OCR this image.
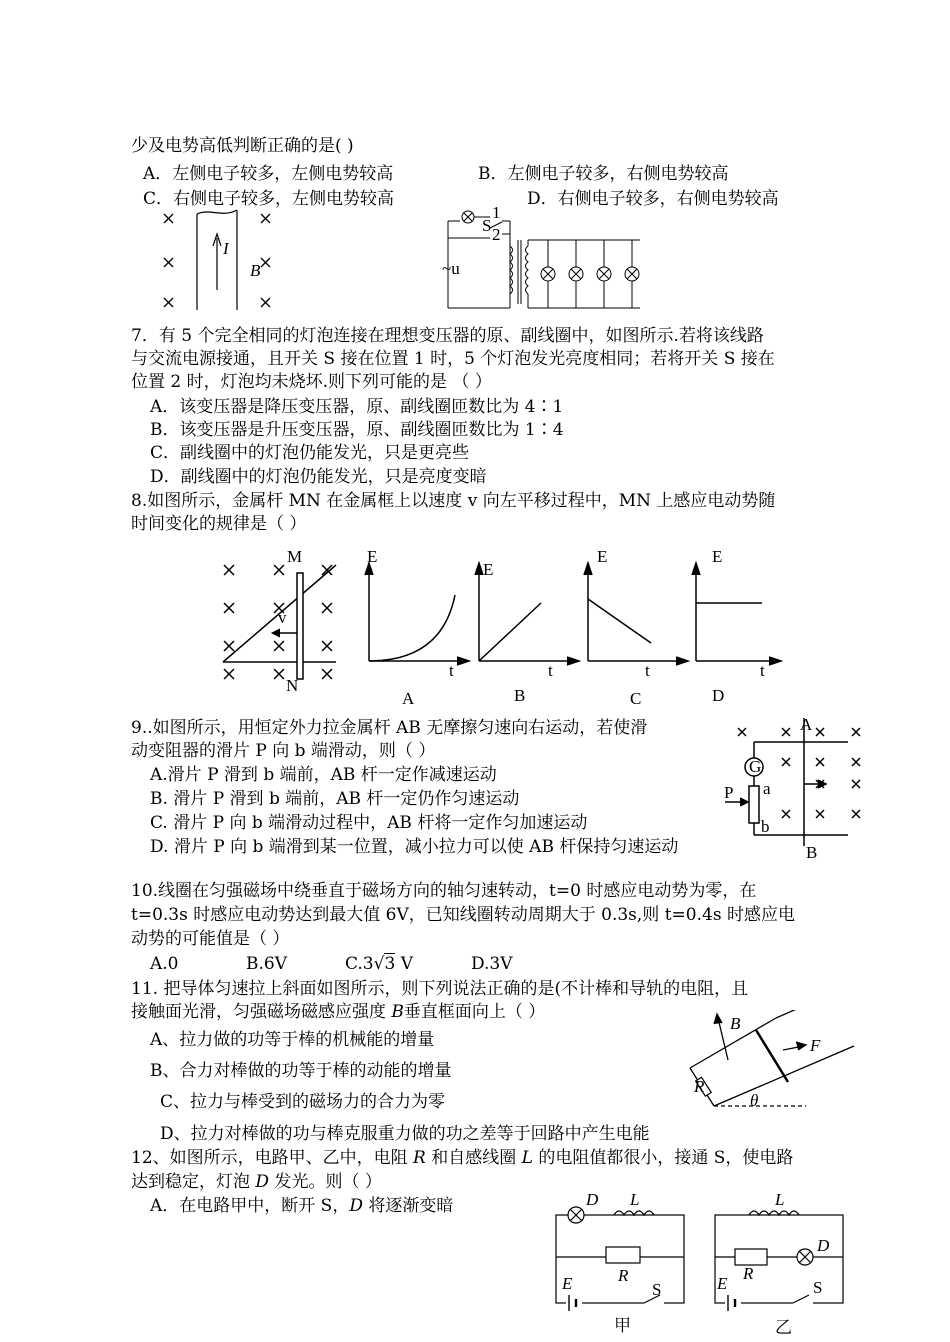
少及电势高低判断正确的是( )
A．左侧电子较多，左侧电势较高	B．左侧电子较多，右侧电势较高
C．右侧电子较多，左侧电势较高	D．右侧电子较多，右侧电势较高
I
B
1
2
S
~u
7．有 5 个完全相同的灯泡连接在理想变压器的原、副线圈中，如图所示.若将该线路
与交流电源接通，且开关 S 接在位置 1 时，5 个灯泡发光亮度相同；若将开关 S 接在
位置 2 时，灯泡均未烧坏.则下列可能的是 （ ）
A．该变压器是降压变压器，原、副线圈匝数比为 4∶1
B．该变压器是升压变压器，原、副线圈匝数比为 1∶4
C．副线圈中的灯泡仍能发光，只是更亮些
D．副线圈中的灯泡仍能发光，只是亮度变暗
8.如图所示，金属杆 MN 在金属框上以速度 v 向左平移过程中，MN 上感应电动势随
时间变化的规律是（ ）
M
N
v
E
t
A
E
t
B
E
t
C
E
t
D
9..如图所示，用恒定外力拉金属杆 AB 无摩擦匀速向右运动，若使滑
动变阻器的滑片 P 向 b 端滑动，则（ ）
A.滑片 P 滑到 b 端前，AB 杆一定作减速运动
B. 滑片 P 滑到 b 端前，AB 杆一定仍作匀速运动
C. 滑片 P 向 b 端滑动过程中，AB 杆将一定作匀加速运动
D. 滑片 P 向 b 端滑到某一位置，减小拉力可以使 AB 杆保持匀速运动
A
B
G
P a
b
10.线圈在匀强磁场中绕垂直于磁场方向的轴匀速转动，t=0 时感应电动势为零，在
t=0.3s 时感应电动势达到最大值 6V，已知线圈转动周期大于 0.3s,则 t=0.4s 时感应电
动势的可能值是（ ）
A.0	B.6V	C.3√3 V	D.3V
11. 把导体匀速拉上斜面如图所示，则下列说法正确的是(不计棒和导轨的电阻，且
接触面光滑，匀强磁场磁感应强度 B垂直框面向上（ ）
A、拉力做的功等于棒的机械能的增量
B、合力对棒做的功等于棒的动能的增量
C、拉力与棒受到的磁场力的合力为零
D、拉力对棒做的功与棒克服重力做的功之差等于回路中产生电能
B
F
R
θ
12、如图所示，电路甲、乙中，电阻 R 和自感线圈 L 的电阻值都很小，接通 S，使电路
达到稳定，灯泡 D 发光。则（ ）
A．在电路甲中，断开 S，D 将逐渐变暗	D L
R
E	S
甲
L
D
R
E	S
乙
